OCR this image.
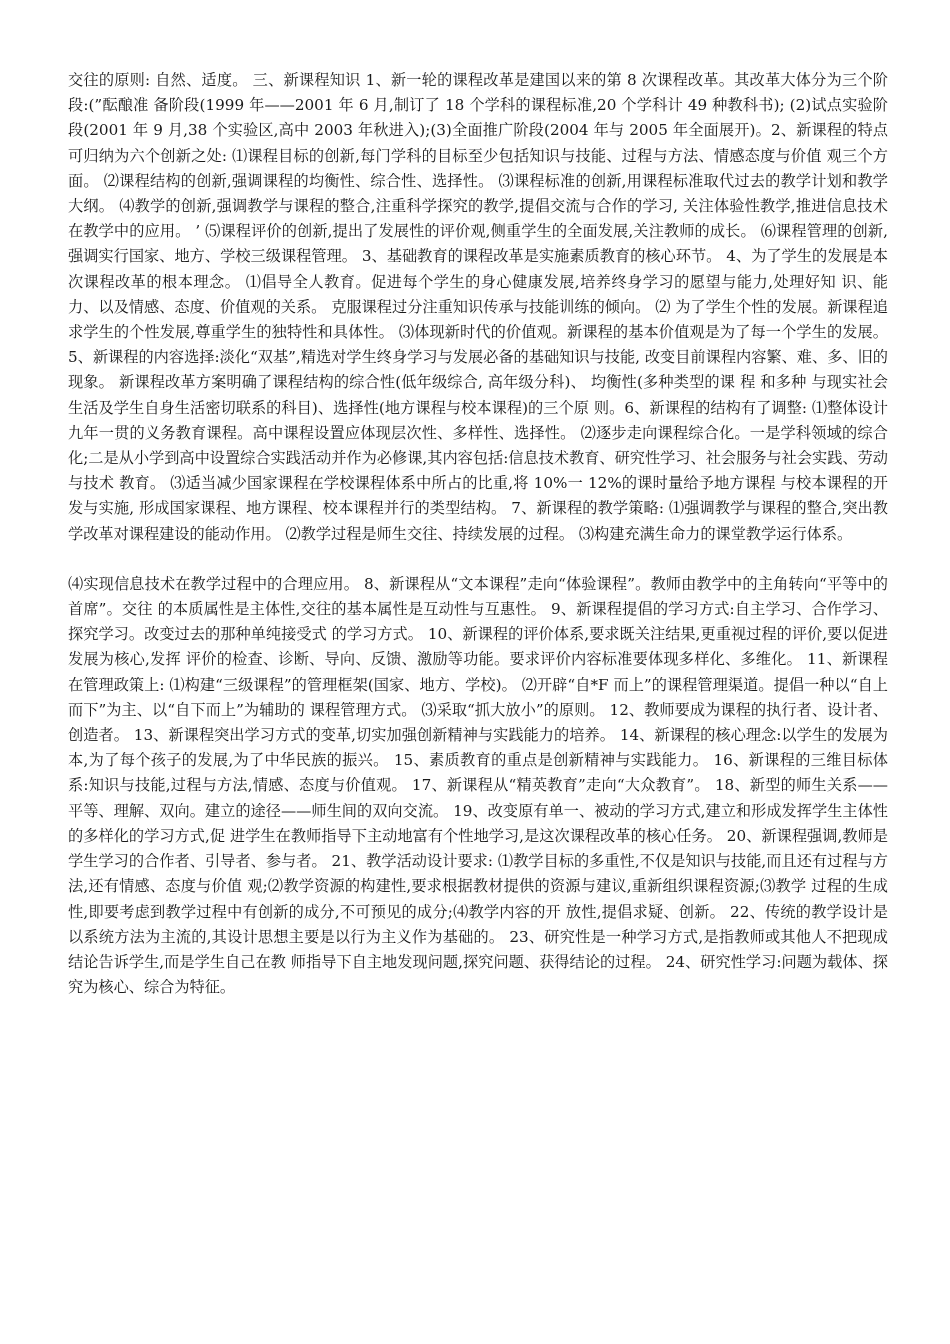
交往的原则: 自然、适度。 三、新课程知识 1、新一轮的课程改革是建国以来的第 8 次课程改革。其改革大体分为三个阶段:(”酝酿准 备阶段(1999 年——2001 年 6 月,制订了 18 个学科的课程标准,20 个学科计 49 种教科书); (2)试点实验阶段(2001 年 9 月,38 个实验区,高中 2003 年秋进入);(3)全面推广阶段(2004 年与 2005 年全面展开)。2、新课程的特点可归纳为六个创新之处: ⑴课程目标的创新,每门学科的目标至少包括知识与技能、过程与方法、情感态度与价值 观三个方面。 ⑵课程结构的创新,强调课程的均衡性、综合性、选择性。 ⑶课程标准的创新,用课程标准取代过去的教学计划和教学大纲。 ⑷教学的创新,强调教学与课程的整合,注重科学探究的教学,提倡交流与合作的学习, 关注体验性教学,推进信息技术在教学中的应用。 ’ ⑸课程评价的创新,提出了发展性的评价观,侧重学生的全面发展,关注教师的成长。 ⑹课程管理的创新,强调实行国家、地方、学校三级课程管理。 3、基础教育的课程改革是实施素质教育的核心环节。 4、为了学生的发展是本次课程改革的根本理念。 ⑴倡导全人教育。促进每个学生的身心健康发展,培养终身学习的愿望与能力,处理好知 识、能力、以及情感、态度、价值观的关系。 克服课程过分注重知识传承与技能训练的倾向。 ⑵ 为了学生个性的发展。新课程追求学生的个性发展,尊重学生的独特性和具体性。 ⑶体现新时代的价值观。新课程的基本价值观是为了每一个学生的发展。 5、新课程的内容选择:淡化“双基”,精选对学生终身学习与发展必备的基础知识与技能, 改变目前课程内容繁、难、多、旧的现象。 新课程改革方案明确了课程结构的综合性(低年级综合, 高年级分科)、 均衡性(多种类型的课 程 和多种 与现实社会生活及学生自身生活密切联系的科目)、选择性(地方课程与校本课程)的三个原 则。6、新课程的结构有了调整: ⑴整体设计九年一贯的义务教育课程。高中课程设置应体现层次性、多样性、选择性。 ⑵逐步走向课程综合化。一是学科领域的综合化;二是从小学到高中设置综合实践活动并作为必修课,其内容包括:信息技术教育、研究性学习、社会服务与社会实践、劳动与技术 教育。 ⑶适当减少国家课程在学校课程体系中所占的比重,将 10%一 12%的课时量给予地方课程 与校本课程的开发与实施, 形成国家课程、地方课程、校本课程并行的类型结构。 7、新课程的教学策略: ⑴强调教学与课程的整合,突出教学改革对课程建设的能动作用。 ⑵教学过程是师生交往、持续发展的过程。 ⑶构建充满生命力的课堂教学运行体系。

⑷实现信息技术在教学过程中的合理应用。 8、新课程从“文本课程”走向“体验课程”。教师由教学中的主角转向“平等中的首席”。交往 的本质属性是主体性,交往的基本属性是互动性与互惠性。 9、新课程提倡的学习方式:自主学习、合作学习、探究学习。改变过去的那种单纯接受式 的学习方式。 10、新课程的评价体系,要求既关注结果,更重视过程的评价,要以促进发展为核心,发挥 评价的检查、诊断、导向、反馈、激励等功能。要求评价内容标准要体现多样化、多维化。 11、新课程在管理政策上: ⑴构建“三级课程”的管理框架(国家、地方、学校)。 ⑵开辟“自*F 而上”的课程管理渠道。提倡一种以“自上而下”为主、以“自下而上”为辅助的 课程管理方式。 ⑶采取“抓大放小”的原则。 12、教师要成为课程的执行者、设计者、创造者。 13、新课程突出学习方式的变革,切实加强创新精神与实践能力的培养。 14、新课程的核心理念:以学生的发展为本,为了每个孩子的发展,为了中华民族的振兴。 15、素质教育的重点是创新精神与实践能力。 16、新课程的三维目标体系:知识与技能,过程与方法,情感、态度与价值观。 17、新课程从“精英教育”走向“大众教育”。 18、新型的师生关系——平等、理解、双向。建立的途径——师生间的双向交流。 19、改变原有单一、被动的学习方式,建立和形成发挥学生主体性的多样化的学习方式,促 进学生在教师指导下主动地富有个性地学习,是这次课程改革的核心任务。 20、新课程强调,教师是学生学习的合作者、引导者、参与者。 21、教学活动设计要求: ⑴教学目标的多重性,不仅是知识与技能,而且还有过程与方法,还有情感、态度与价值 观;⑵教学资源的构建性,要求根据教材提供的资源与建议,重新组织课程资源;⑶教学 过程的生成性,即要考虑到教学过程中有创新的成分,不可预见的成分;⑷教学内容的开 放性,提倡求疑、创新。 22、传统的教学设计是以系统方法为主流的,其设计思想主要是以行为主义作为基础的。 23、研究性是一种学习方式,是指教师或其他人不把现成结论告诉学生,而是学生自己在教 师指导下自主地发现问题,探究问题、获得结论的过程。 24、研究性学习:问题为载体、探究为核心、综合为特征。
